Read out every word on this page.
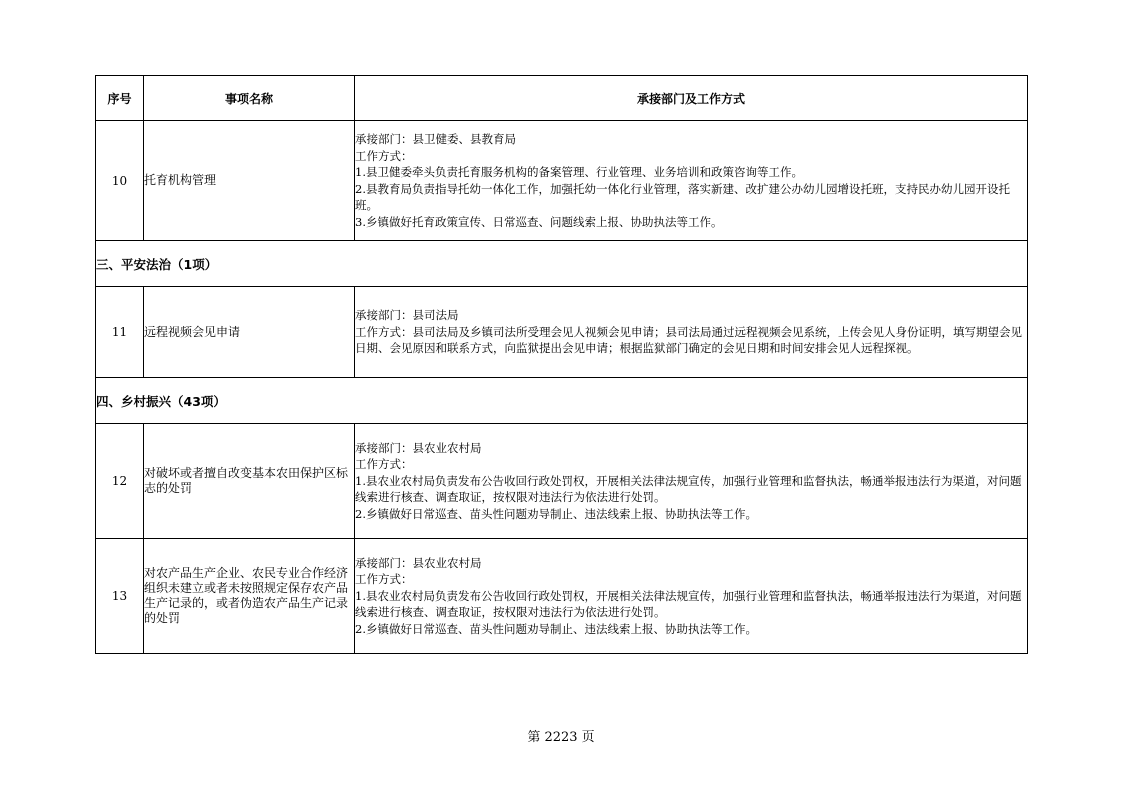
序号	事项名称	承接部门及工作方式
10	托育机构管理	承接部门：县卫健委、县教育局
工作方式：
1.县卫健委牵头负责托育服务机构的备案管理、行业管理、业务培训和政策咨询等工作。
2.县教育局负责指导托幼一体化工作，加强托幼一体化行业管理，落实新建、改扩建公办幼儿园增设托班，支持民办幼儿园开设托班。
3.乡镇做好托育政策宣传、日常巡查、问题线索上报、协助执法等工作。

三、平安法治（1项）		
11	远程视频会见申请	承接部门：县司法局
工作方式：县司法局及乡镇司法所受理会见人视频会见申请；县司法局通过远程视频会见系统，上传会见人身份证明，填写期望会见日期、会见原因和联系方式，向监狱提出会见申请；根据监狱部门确定的会见日期和时间安排会见人远程探视。

四、乡村振兴（43项）		
12	对破坏或者擅自改变基本农田保护区标志的处罚	承接部门：县农业农村局
工作方式：
1.县农业农村局负责发布公告收回行政处罚权，开展相关法律法规宣传，加强行业管理和监督执法，畅通举报违法行为渠道，对问题线索进行核查、调查取证，按权限对违法行为依法进行处罚。
2.乡镇做好日常巡查、苗头性问题劝导制止、违法线索上报、协助执法等工作。

13	对农产品生产企业、农民专业合作经济组织未建立或者未按照规定保存农产品生产记录的，或者伪造农产品生产记录的处罚	承接部门：县农业农村局
工作方式：
1.县农业农村局负责发布公告收回行政处罚权，开展相关法律法规宣传，加强行业管理和监督执法，畅通举报违法行为渠道，对问题线索进行核查、调查取证，按权限对违法行为依法进行处罚。
2.乡镇做好日常巡查、苗头性问题劝导制止、违法线索上报、协助执法等工作。
第 2223 页
